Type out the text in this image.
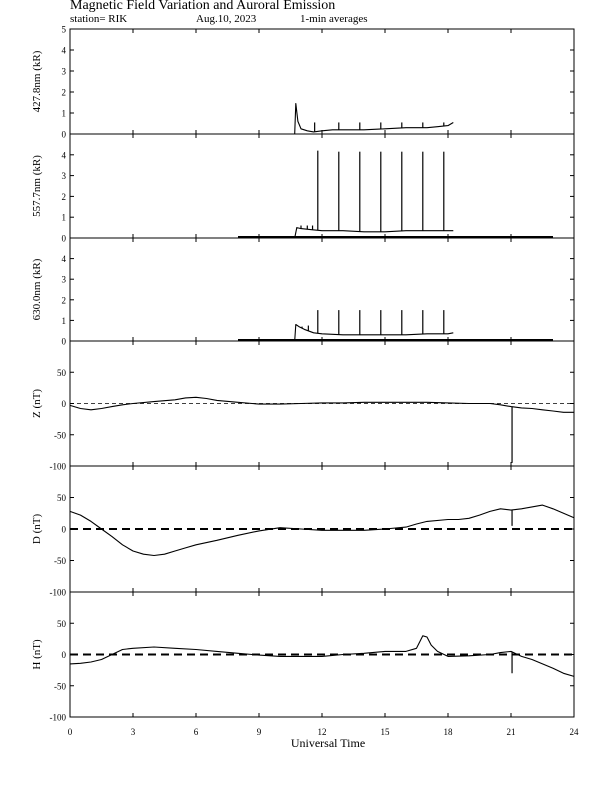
Magnetic Field Variation and Auroral Emission
station= RIK	Aug.10, 2023	1-min averages
0
1
2
3
4
5
427.8nm (kR)
0
1
2
3
4
557.7nm (kR)
0
1
2
3
4
630.0nm (kR)
-100
-50
0
50
Z (nT)
-100
-50
0
50
D (nT)
-100
-50
0
50
H (nT)
0	3	6	9	12	15	18	21	24
Universal Time
